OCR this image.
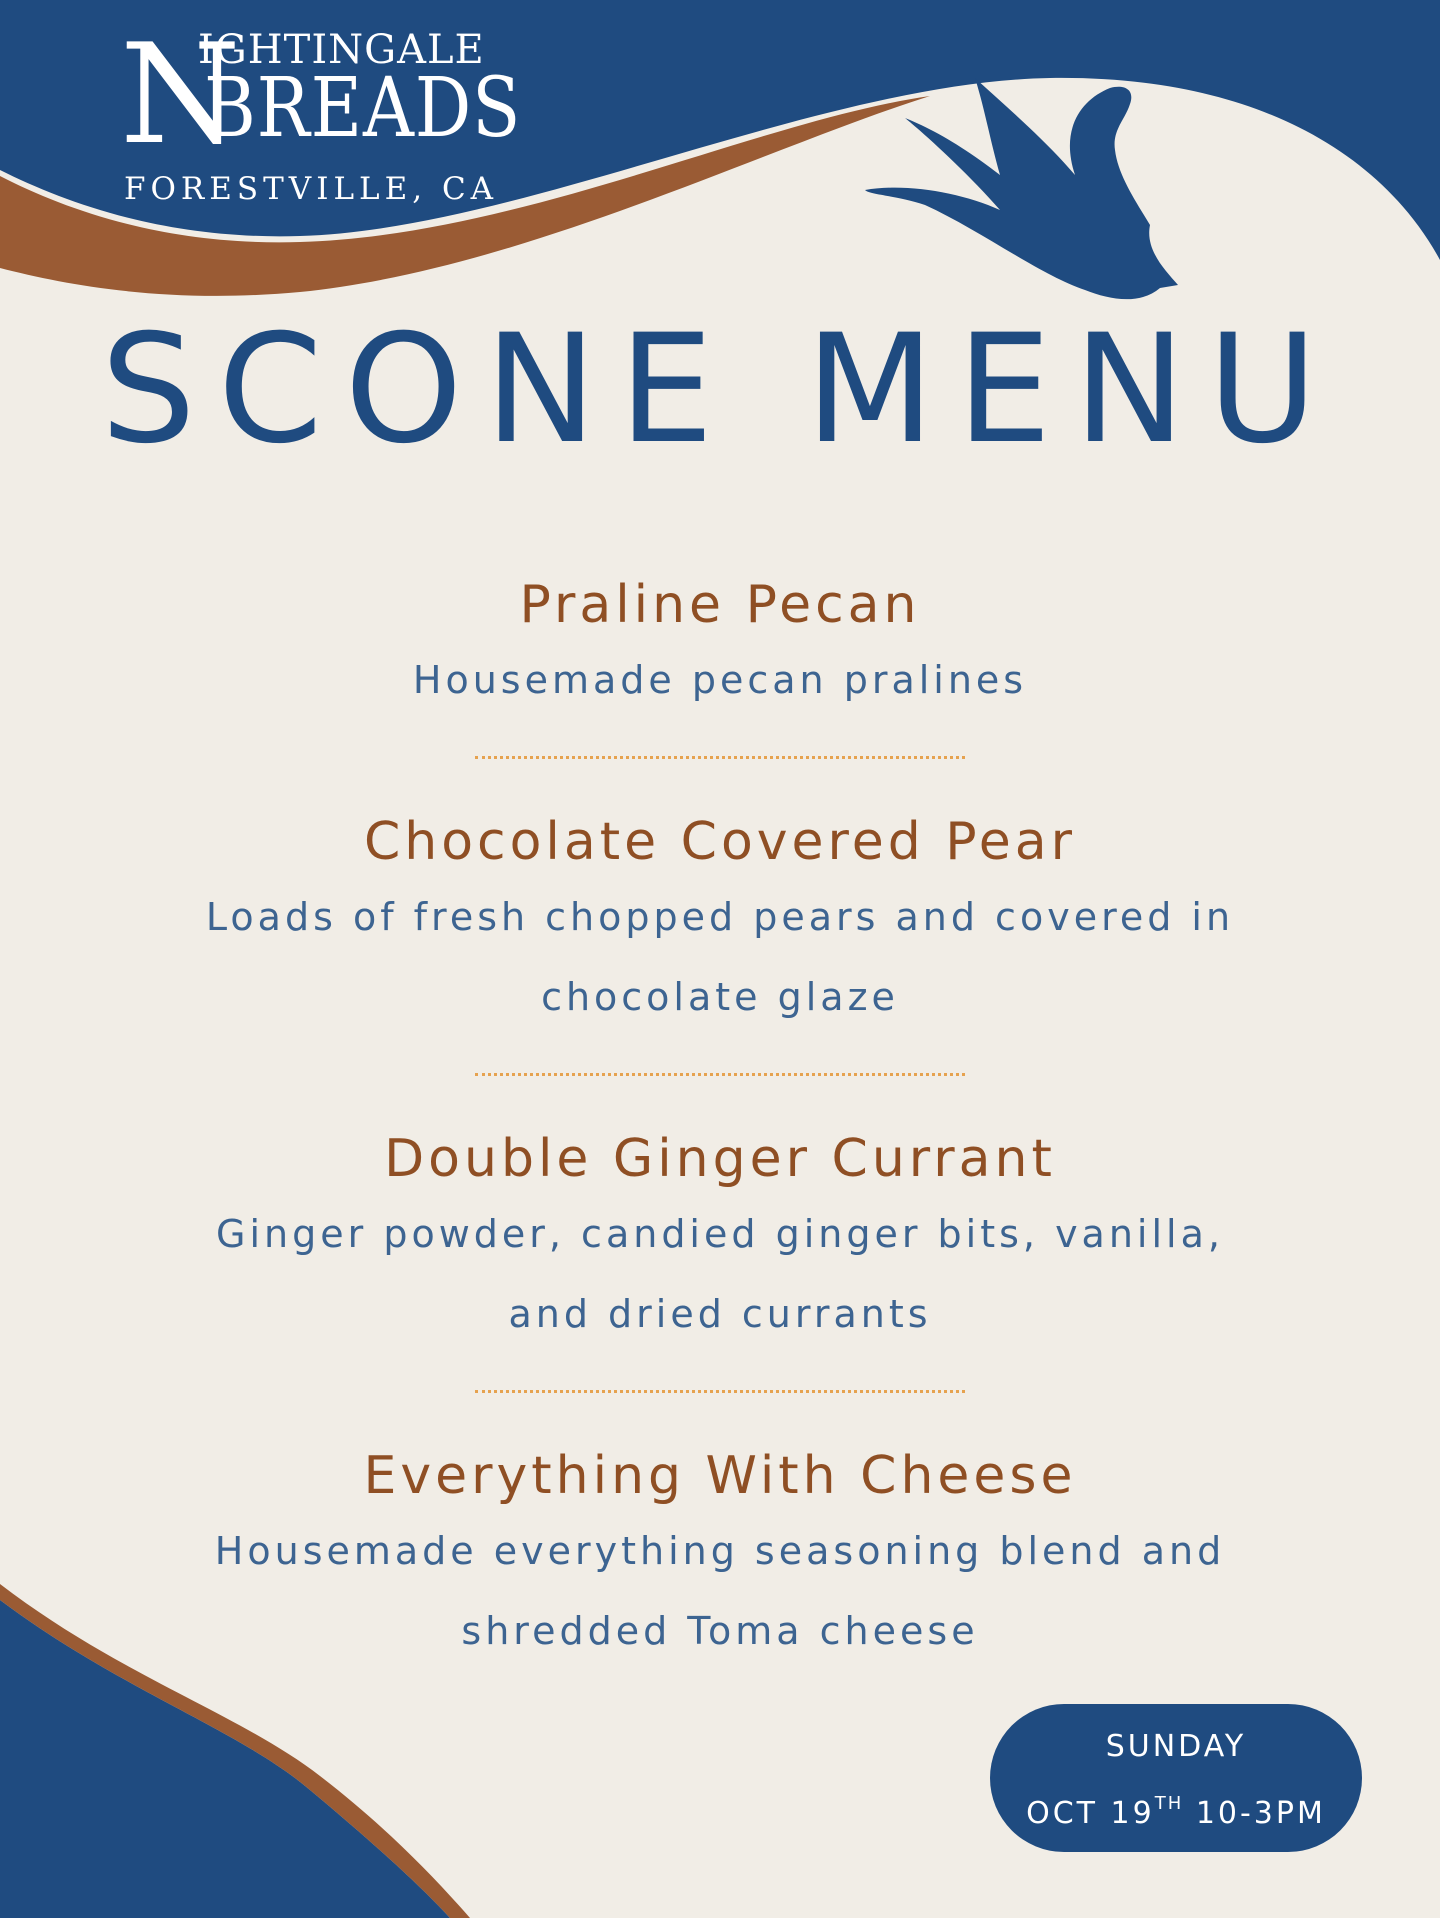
N
IGHTINGALE
BREADS
FORESTVILLE, CA
SCONE MENU
Praline Pecan
Housemade pecan pralines
Chocolate Covered Pear
Loads of fresh chopped pears and covered in
chocolate glaze
Double Ginger Currant
Ginger powder, candied ginger bits, vanilla,
and dried currants
Everything With Cheese
Housemade everything seasoning blend and
shredded Toma cheese
SUNDAY
OCT 19TH 10-3PM
